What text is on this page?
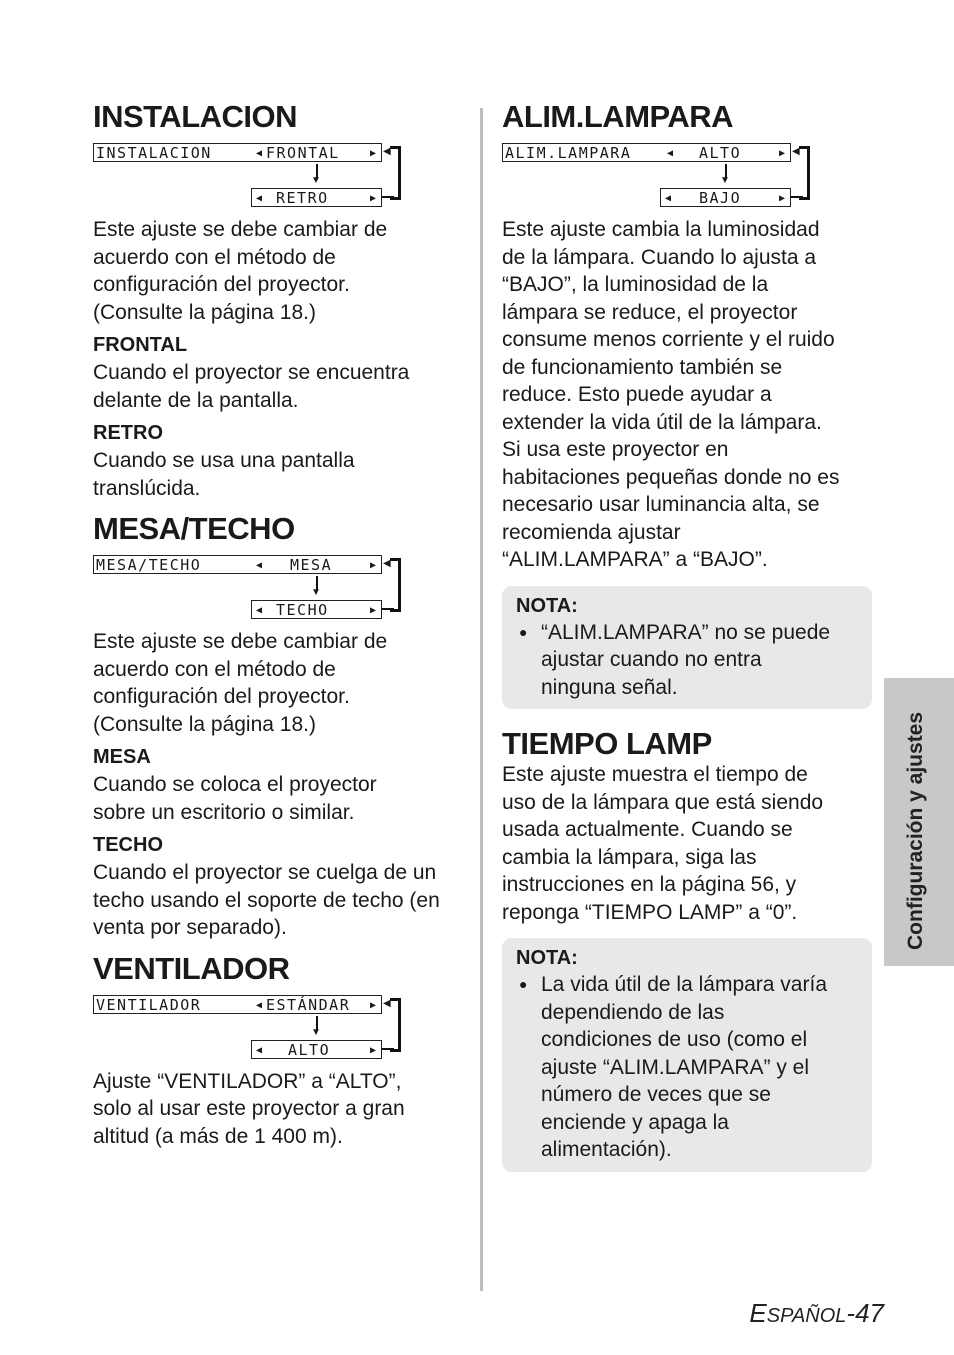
INSTALACION

INSTALACION

	◀

FRONTAL

	▶

◀

RETRO

	▶

▼
◀

Este ajuste se debe cambiar de

acuerdo con el método de

configuración del proyector.

(Consulte la página 18.)

FRONTAL

Cuando el proyector se encuentra

delante de la pantalla.

RETRO

Cuando se usa una pantalla

translúcida.

MESA/TECHO

MESA/TECHO

	◀

MESA

	▶

◀

TECHO

	▶

▼
◀

Este ajuste se debe cambiar de

acuerdo con el método de

configuración del proyector.

(Consulte la página 18.)

MESA

Cuando se coloca el proyector

sobre un escritorio o similar.

TECHO

Cuando el proyector se cuelga de un

techo usando el soporte de techo (en

venta por separado).

VENTILADOR

VENTILADOR

	◀

ESTÁNDAR

▶

◀

ALTO

	▶

▼
◀

Ajuste “VENTILADOR” a “ALTO”,

solo al usar este proyector a gran

altitud (a más de 1 400 m).

ALIM.LAMPARA

ALIM.LAMPARA

	◀

ALTO

	▶

◀

BAJO

	▶

▼
◀

Este ajuste cambia la luminosidad

de la lámpara. Cuando lo ajusta a

“BAJO”, la luminosidad de la

lámpara se reduce, el proyector

consume menos corriente y el ruido

de funcionamiento también se

reduce. Esto puede ayudar a

extender la vida útil de la lámpara.

Si usa este proyector en

habitaciones pequeñas donde no es

necesario usar luminancia alta, se

recomienda ajustar

“ALIM.LAMPARA” a “BAJO”.

NOTA:
● “ALIM.LAMPARA” no se puede
ajustar cuando no entra
ninguna señal.
TIEMPO LAMP

Este ajuste muestra el tiempo de

uso de la lámpara que está siendo

usada actualmente. Cuando se

cambia la lámpara, siga las

instrucciones en la página 56, y

reponga “TIEMPO LAMP” a “0”.

NOTA:
● La vida útil de la lámpara varía
dependiendo de las
condiciones de uso (como el
ajuste “ALIM.LAMPARA” y el
número de veces que se
enciende y apaga la
alimentación).
Configuración y ajustes
ESPAÑOL-47
